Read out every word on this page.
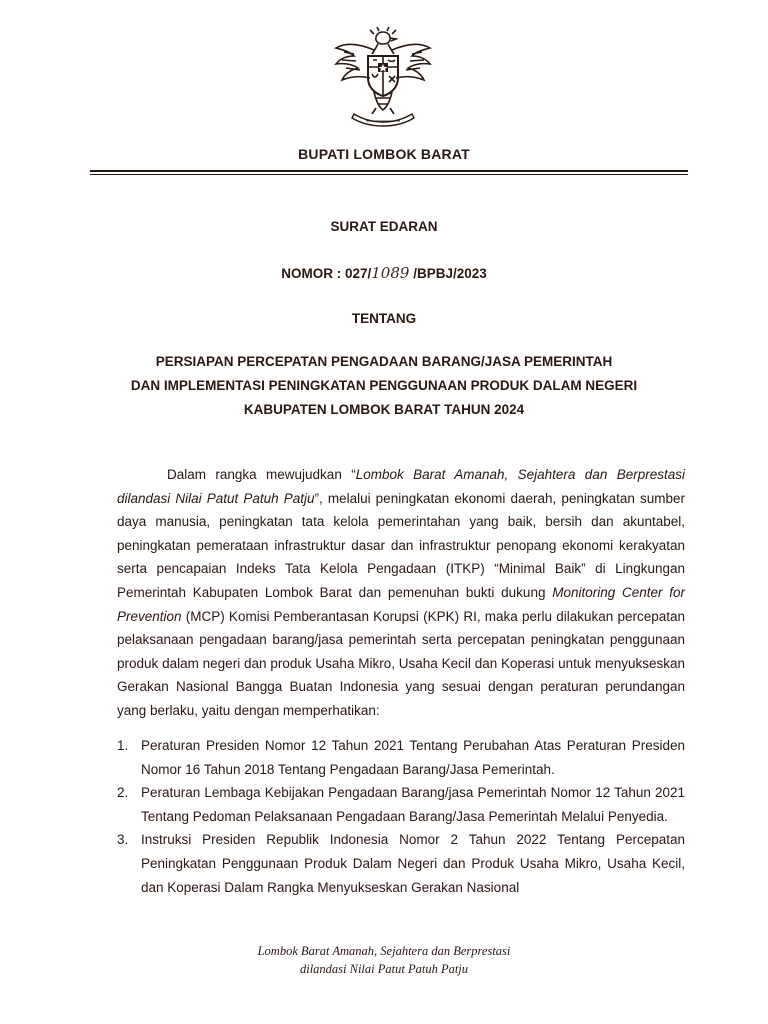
BUPATI LOMBOK BARAT
SURAT EDARAN
NOMOR : 027/1089 /BPBJ/2023
TENTANG
PERSIAPAN PERCEPATAN PENGADAAN BARANG/JASA PEMERINTAH
DAN IMPLEMENTASI PENINGKATAN PENGGUNAAN PRODUK DALAM NEGERI
KABUPATEN LOMBOK BARAT TAHUN 2024

Dalam rangka mewujudkan “Lombok Barat Amanah, Sejahtera dan Berprestasi dilandasi Nilai Patut Patuh Patju”, melalui peningkatan ekonomi daerah, peningkatan sumber daya manusia, peningkatan tata kelola pemerintahan yang baik, bersih dan akuntabel, peningkatan pemerataan infrastruktur dasar dan infrastruktur penopang ekonomi kerakyatan serta pencapaian Indeks Tata Kelola Pengadaan (ITKP) “Minimal Baik” di Lingkungan Pemerintah Kabupaten Lombok Barat dan pemenuhan bukti dukung Monitoring Center for Prevention (MCP) Komisi Pemberantasan Korupsi (KPK) RI, maka perlu dilakukan percepatan pelaksanaan pengadaan barang/jasa pemerintah serta percepatan peningkatan penggunaan produk dalam negeri dan produk Usaha Mikro, Usaha Kecil dan Koperasi untuk menyukseskan Gerakan Nasional Bangga Buatan Indonesia yang sesuai dengan peraturan perundangan yang berlaku, yaitu dengan memperhatikan:

1. Peraturan Presiden Nomor 12 Tahun 2021 Tentang Perubahan Atas Peraturan Presiden Nomor 16 Tahun 2018 Tentang Pengadaan Barang/Jasa Pemerintah.
2. Peraturan Lembaga Kebijakan Pengadaan Barang/jasa Pemerintah Nomor 12 Tahun 2021 Tentang Pedoman Pelaksanaan Pengadaan Barang/Jasa Pemerintah Melalui Penyedia.
3. Instruksi Presiden Republik Indonesia Nomor 2 Tahun 2022 Tentang Percepatan Peningkatan Penggunaan Produk Dalam Negeri dan Produk Usaha Mikro, Usaha Kecil, dan Koperasi Dalam Rangka Menyukseskan Gerakan Nasional
Lombok Barat Amanah, Sejahtera dan Berprestasi
dilandasi Nilai Patut Patuh Patju
